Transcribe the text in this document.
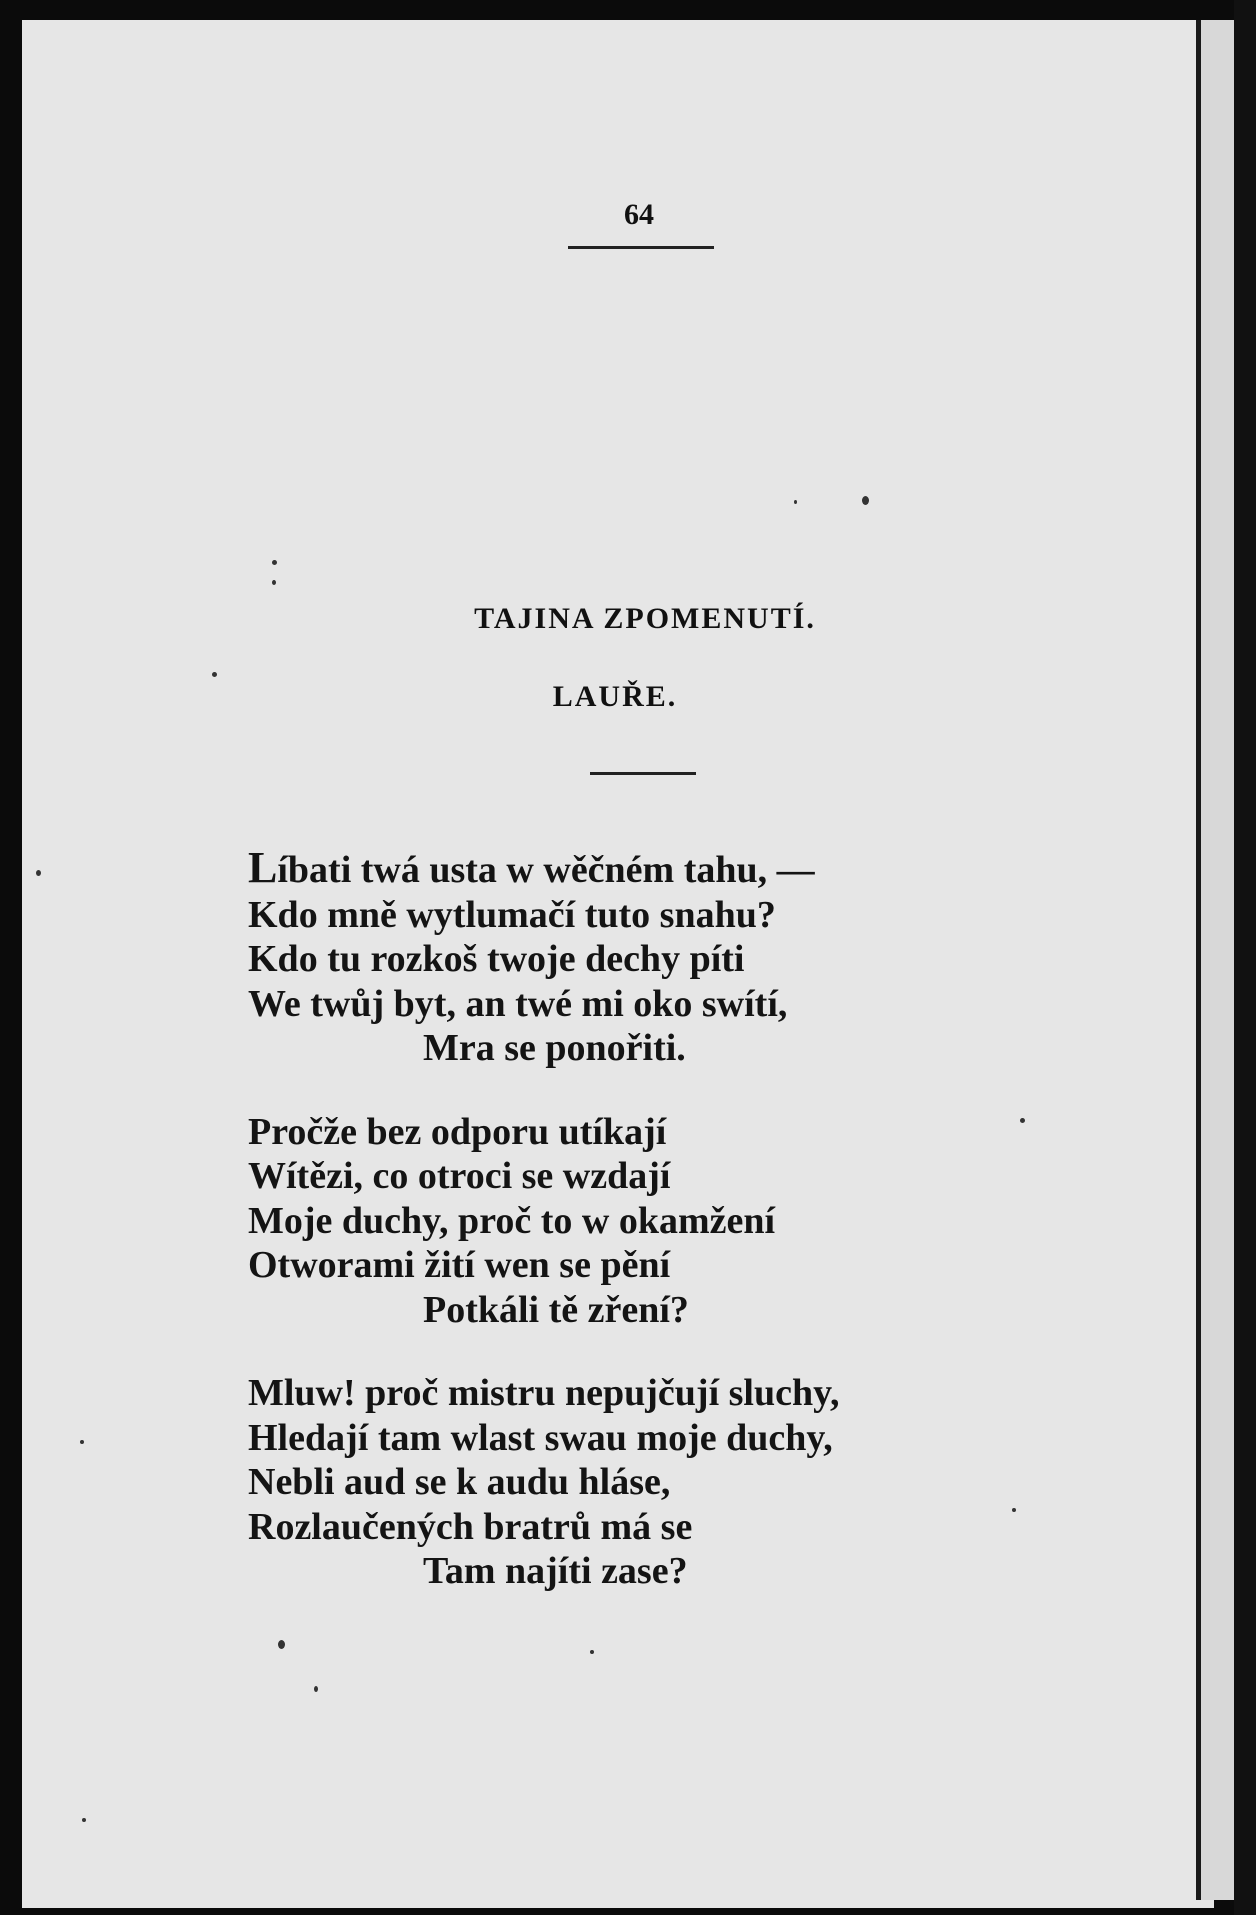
64
TAJINA ZPOMENUTÍ.
LAUŘE.
Líbati twá usta w wěčném tahu, —
Kdo mně wytlumačí tuto snahu?
Kdo tu rozkoš twoje dechy píti
We twůj byt, an twé mi oko swítí,
Mra se ponořiti.
Pročže bez odporu utíkají
Wítězi, co otroci se wzdají
Moje duchy, proč to w okamžení
Otworami žití wen se pění
Potkáli tě zření?
Mluw! proč mistru nepujčují sluchy,
Hledají tam wlast swau moje duchy,
Nebli aud se k audu hláse,
Rozlaučených bratrů má se
Tam najíti zase?
